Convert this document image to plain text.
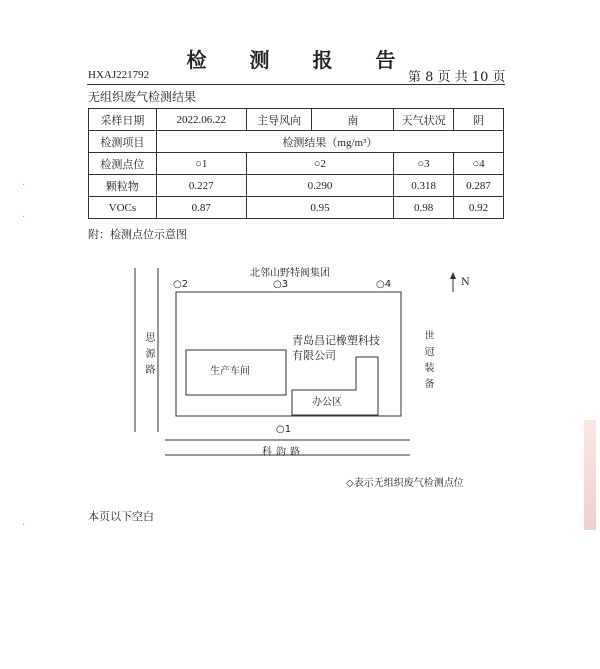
检 测 报 告
HXAJ221792	第 8 页 共 10 页
无组织废气检测结果
采样日期	2022.06.22	主导风向	南	天气状况	阴
检测项目	检测结果（mg/m³）				
检测点位	○1	○2		○3	○4
颗粒物	0.227	0.290		0.318	0.287
VOCs	0.87	0.95		0.98	0.92
附：检测点位示意图
北邻山野特阀集团
○2	○3	○4	N
青岛昌记橡塑科技
有限公司
生产车间
办公区
思源路	世冠装备
○1
科韵路
◇表示无组织废气检测点位
本页以下空白
·
·
·
